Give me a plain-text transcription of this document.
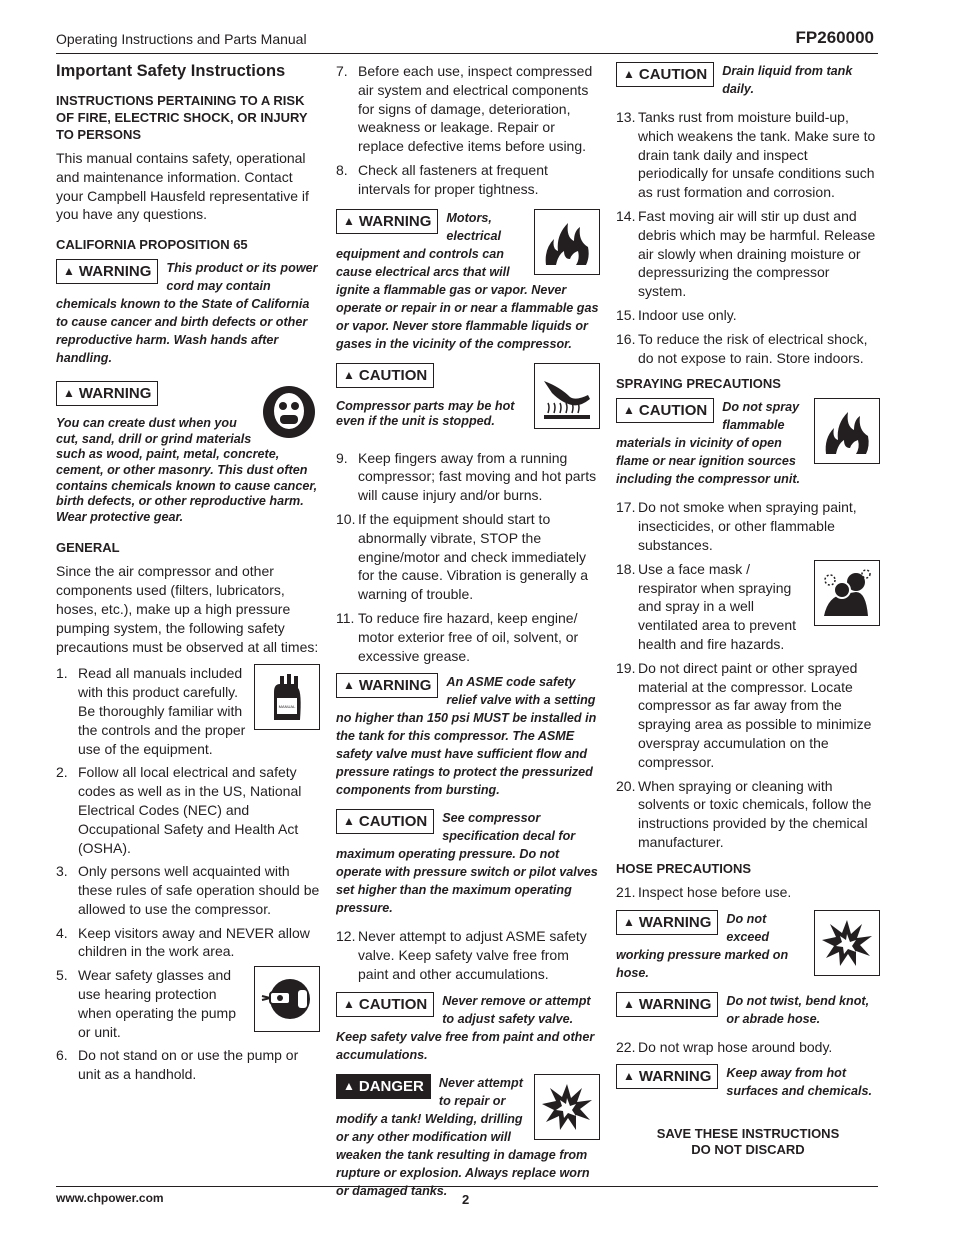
Operating Instructions and Parts Manual	FP260000
Important Safety Instructions
INSTRUCTIONS PERTAINING TO A RISK OF FIRE, ELECTRIC SHOCK, OR INJURY TO PERSONS

This manual contains safety, operational and maintenance information. Contact your Campbell Hausfeld representative if you have any questions.

CALIFORNIA PROPOSITION 65
▲ WARNING This product or its power cord may contain chemicals known to the State of California to cause cancer and birth defects or other reproductive harm. Wash hands after handling.
▲ WARNING
You can create dust when you cut, sand, drill or grind materials such as wood, paint, metal, concrete, cement, or other masonry. This dust often contains chemicals known to cause cancer, birth defects, or other reproductive harm. Wear protective gear.
GENERAL

Since the air compressor and other components used (filters, lubricators, hoses, etc.), make up a high pressure pumping system, the following safety precautions must be observed at all times:

MANUAL
1. Read all manuals included with this product carefully. Be thoroughly familiar with the controls and the proper use of the equipment.
2. Follow all local electrical and safety codes as well as in the US, National Electrical Codes (NEC) and Occupational Safety and Health Act (OSHA).
3. Only persons well acquainted with these rules of safe operation should be allowed to use the compressor.
4. Keep visitors away and NEVER allow children in the work area.
5. Wear safety glasses and use hearing protection when operating the pump or unit.
6. Do not stand on or use the pump or unit as a handhold.
7. Before each use, inspect compressed air system and electrical components for signs of damage, deterioration, weakness or leakage. Repair or replace defective items before using.
8. Check all fasteners at frequent intervals for proper tightness.
▲ WARNING Motors, electrical equipment and controls can cause electrical arcs that will ignite a flammable gas or vapor. Never operate or repair in or near a flammable gas or vapor. Never store flammable liquids or gases in the vicinity of the compressor.
▲ CAUTION
Compressor parts may be hot even if the unit is stopped.
9. Keep fingers away from a running compressor; fast moving and hot parts will cause injury and/or burns.
10. If the equipment should start to abnormally vibrate, STOP the engine/motor and check immediately for the cause. Vibration is generally a warning of trouble.
11. To reduce fire hazard, keep engine/ motor exterior free of oil, solvent, or excessive grease.
▲ WARNING An ASME code safety relief valve with a setting no higher than 150 psi MUST be installed in the tank for this compressor. The ASME safety valve must have sufficient flow and pressure ratings to protect the pressurized components from bursting.
▲ CAUTION See compressor specification decal for maximum operating pressure. Do not operate with pressure switch or pilot valves set higher than the maximum operating pressure.
12. Never attempt to adjust ASME safety valve. Keep safety valve free from paint and other accumulations.
▲ CAUTION Never remove or attempt to adjust safety valve. Keep safety valve free from paint and other accumulations.
▲ DANGER Never attempt to repair or modify a tank! Welding, drilling or any other modification will weaken the tank resulting in damage from rupture or explosion. Always replace worn or damaged tanks.
▲ CAUTION Drain liquid from tank daily.
13. Tanks rust from moisture build-up, which weakens the tank. Make sure to drain tank daily and inspect periodically for unsafe conditions such as rust formation and corrosion.
14. Fast moving air will stir up dust and debris which may be harmful. Release air slowly when draining moisture or depressurizing the compressor system.
15. Indoor use only.
16. To reduce the risk of electrical shock, do not expose to rain. Store indoors.
SPRAYING PRECAUTIONS
▲ CAUTION Do not spray flammable materials in vicinity of open flame or near ignition sources including the compressor unit.
17. Do not smoke when spraying paint, insecticides, or other flammable substances.
18. Use a face mask / respirator when spraying and spray in a well ventilated area to prevent health and fire hazards.
19. Do not direct paint or other sprayed material at the compressor. Locate compressor as far away from the spraying area as possible to minimize overspray accumulation on the compressor.
20. When spraying or cleaning with solvents or toxic chemicals, follow the instructions provided by the chemical manufacturer.
HOSE PRECAUTIONS
21. Inspect hose before use.
▲ WARNING Do not exceed working pressure marked on hose.
▲ WARNING Do not twist, bend knot, or abrade hose.
22. Do not wrap hose around body.
▲ WARNING Keep away from hot surfaces and chemicals.
SAVE THESE INSTRUCTIONS
DO NOT DISCARD
www.chpower.com	2
